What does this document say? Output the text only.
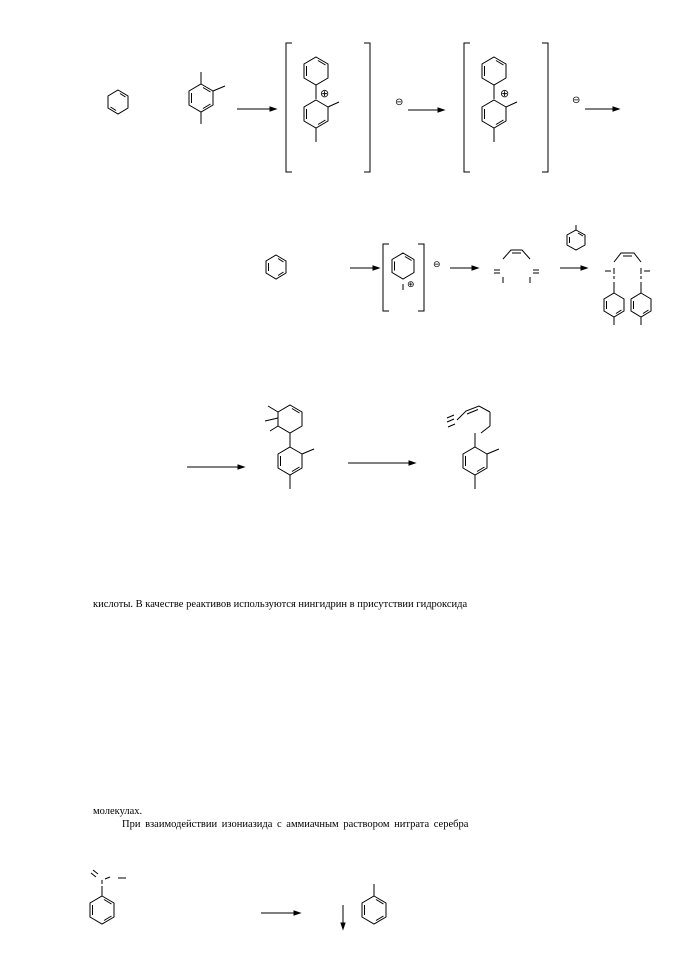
⊕
⊖
⊕
⊖
⊕
⊖
кислоты. В качестве реактивов используются нингидрин в присутствии гидроксида
молекулах.
При взаимодействии изониазида с аммиачным раствором нитрата серебра
